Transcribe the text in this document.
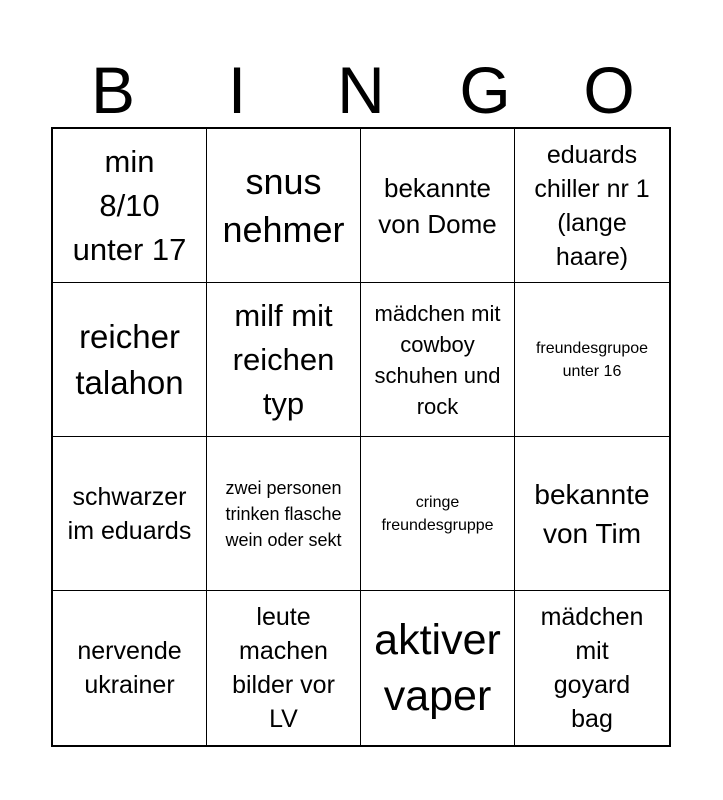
B	I	N	G	O
min 8/10 unter 17
snus nehmer
bekannte von Dome
eduards chiller nr 1 (lange haare)
reicher talahon
milf mit reichen typ
mädchen mit cowboy schuhen und rock
freundesgrupoe unter 16
schwarzer im eduards
zwei personen trinken flasche wein oder sekt
cringe freundesgruppe
bekannte von Tim
nervende ukrainer
leute machen bilder vor LV
aktiver vaper
mädchen mit goyard bag
